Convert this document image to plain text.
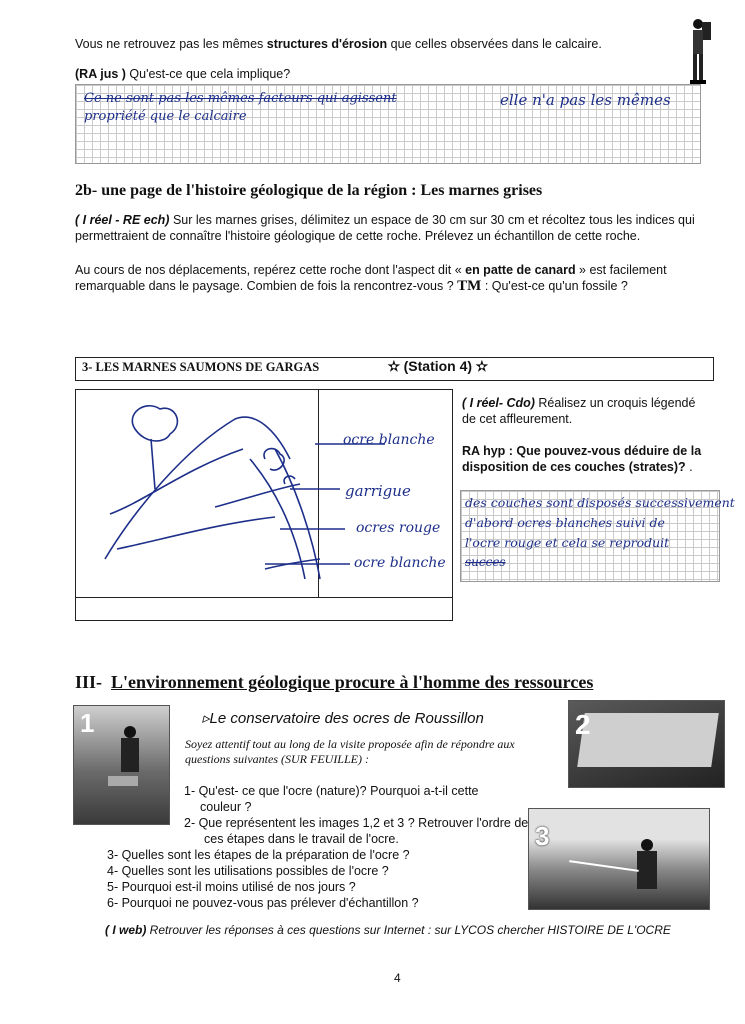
Vous ne retrouvez pas les mêmes structures d'érosion que celles observées dans le calcaire.
(RA jus ) Qu'est-ce que cela implique?
Ce ne sont pas les mêmes facteurs qui agissent	elle n'a pas les mêmes
propriété que le calcaire
2b- une page de l'histoire géologique de la région : Les marnes grises
( I réel - RE ech) Sur les marnes grises, délimitez un espace de 30 cm sur 30 cm et récoltez tous les indices qui permettraient de connaître l'histoire géologique de cette roche. Prélevez un échantillon de cette roche.
Au cours de nos déplacements, repérez cette roche dont l'aspect dit « en patte de canard » est facilement remarquable dans le paysage. Combien de fois la rencontrez-vous ? TM : Qu'est-ce qu'un fossile ?
3- LES MARNES SAUMONS DE GARGAS	✫ (Station 4) ✫
ocre blanche
garrigue
ocres rouge
ocre blanche
( I réel- Cdo) Réalisez un croquis légendé de cet affleurement.
RA hyp : Que pouvez-vous déduire de la disposition de ces couches (strates)? .
des couches sont disposés successivement
d'abord ocres blanches suivi de
l'ocre rouge et cela se reproduit
succes
III- L'environnement géologique procure à l'homme des ressources
1	2
3
▹Le conservatoire des ocres de Roussillon
Soyez attentif tout au long de la visite proposée afin de répondre aux questions suivantes (SUR FEUILLE) :
1- Qu'est- ce que l'ocre (nature)? Pourquoi a-t-il cette couleur ?
2- Que représentent les images 1,2 et 3 ? Retrouver l'ordre de ces étapes dans le travail de l'ocre.
3- Quelles sont les étapes de la préparation de l'ocre ?
4- Quelles sont les utilisations possibles de l'ocre ?
5- Pourquoi est-il moins utilisé de nos jours ?
6- Pourquoi ne pouvez-vous pas prélever d'échantillon ?
( I web) Retrouver les réponses à ces questions sur Internet : sur LYCOS chercher HISTOIRE DE L'OCRE
4
